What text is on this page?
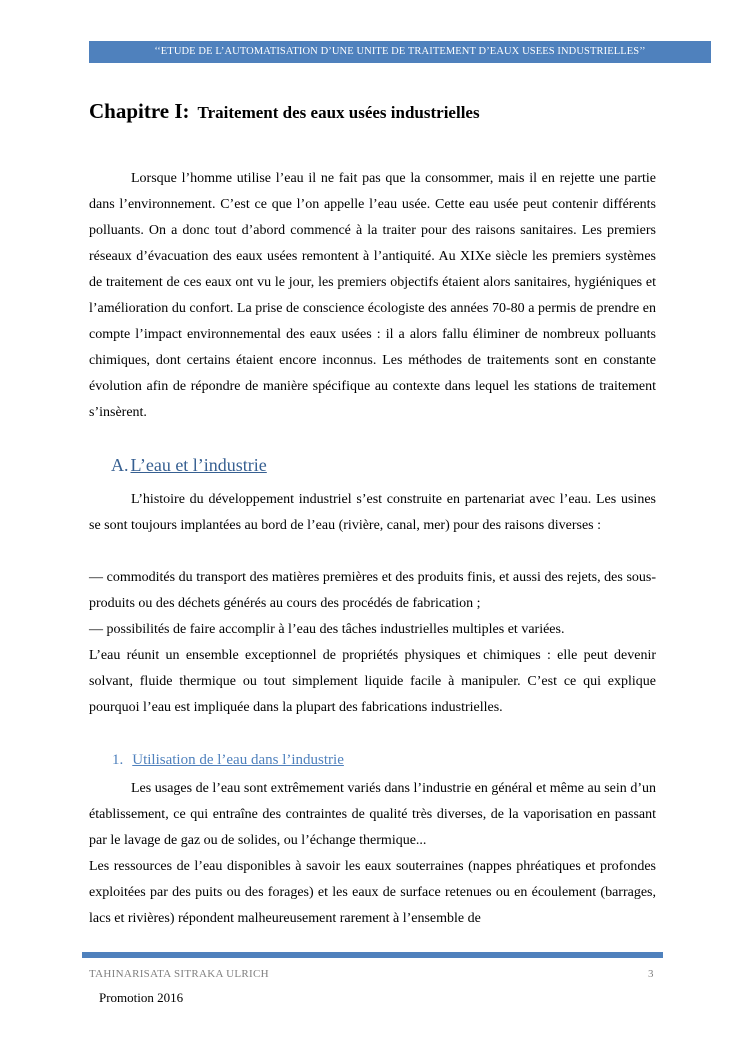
‘‘ETUDE DE L’AUTOMATISATION D’UNE UNITE DE TRAITEMENT D’EAUX USEES INDUSTRIELLES’’
Chapitre I: Traitement des eaux usées industrielles

Lorsque l’homme utilise l’eau il ne fait pas que la consommer, mais il en rejette une partie dans l’environnement. C’est ce que l’on appelle l’eau usée. Cette eau usée peut contenir différents polluants. On a donc tout d’abord commencé à la traiter pour des raisons sanitaires. Les premiers réseaux d’évacuation des eaux usées remontent à l’antiquité. Au XIXe siècle les premiers systèmes de traitement de ces eaux ont vu le jour, les premiers objectifs étaient alors sanitaires, hygiéniques et l’amélioration du confort. La prise de conscience écologiste des années 70-80 a permis de prendre en compte l’impact environnemental des eaux usées : il a alors fallu éliminer de nombreux polluants chimiques, dont certains étaient encore inconnus. Les méthodes de traitements sont en constante évolution afin de répondre de manière spécifique au contexte dans lequel les stations de traitement s’insèrent.

A. L’eau et l’industrie

L’histoire du développement industriel s’est construite en partenariat avec l’eau. Les usines se sont toujours implantées au bord de l’eau (rivière, canal, mer) pour des raisons diverses :

— commodités du transport des matières premières et des produits finis, et aussi des rejets, des sous-produits ou des déchets générés au cours des procédés de fabrication ;

— possibilités de faire accomplir à l’eau des tâches industrielles multiples et variées.

L’eau réunit un ensemble exceptionnel de propriétés physiques et chimiques : elle peut devenir solvant, fluide thermique ou tout simplement liquide facile à manipuler. C’est ce qui explique pourquoi l’eau est impliquée dans la plupart des fabrications industrielles.

1. Utilisation de l’eau dans l’industrie

Les usages de l’eau sont extrêmement variés dans l’industrie en général et même au sein d’un établissement, ce qui entraîne des contraintes de qualité très diverses, de la vaporisation en passant par le lavage de gaz ou de solides, ou l’échange thermique...

Les ressources de l’eau disponibles à savoir les eaux souterraines (nappes phréatiques et profondes exploitées par des puits ou des forages) et les eaux de surface retenues ou en écoulement (barrages, lacs et rivières) répondent malheureusement rarement à l’ensemble de

TAHINARISATA SITRAKA ULRICH	3
Promotion 2016
